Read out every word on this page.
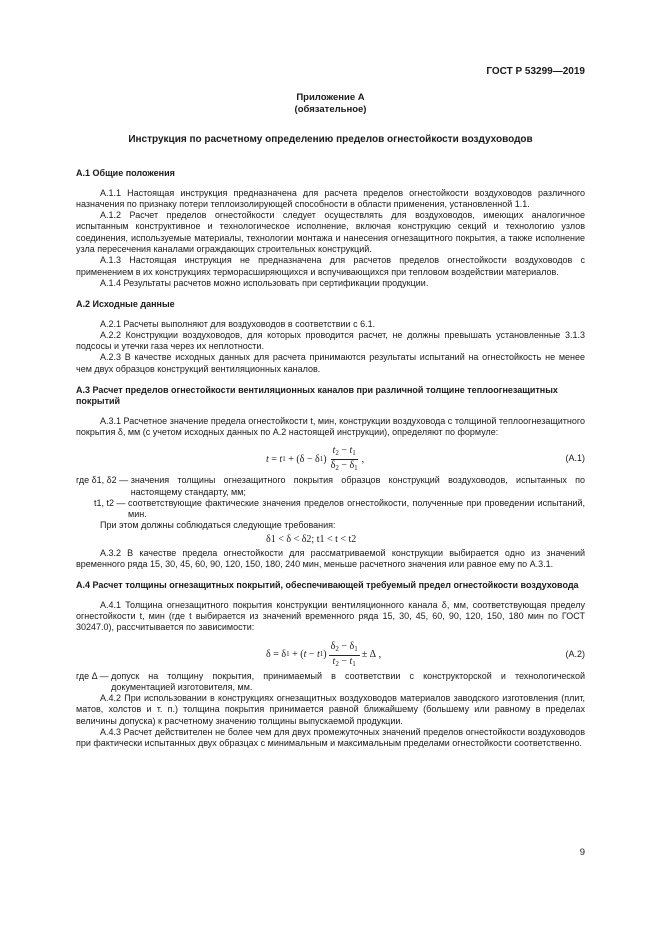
ГОСТ Р 53299—2019
Приложение А
(обязательное)
Инструкция по расчетному определению пределов огнестойкости воздуховодов
А.1 Общие положения

А.1.1 Настоящая инструкция предназначена для расчета пределов огнестойкости воздуховодов различного назначения по признаку потери теплоизолирующей способности в области применения, установленной 1.1.

А.1.2 Расчет пределов огнестойкости следует осуществлять для воздуховодов, имеющих аналогичное испытанным конструктивное и технологическое исполнение, включая конструкцию секций и технологию узлов соединения, используемые материалы, технологии монтажа и нанесения огнезащитного покрытия, а также исполнение узла пересечения каналами ограждающих строительных конструкций.

А.1.3 Настоящая инструкция не предназначена для расчетов пределов огнестойкости воздуховодов с применением в их конструкциях терморасширяющихся и вспучивающихся при тепловом воздействии материалов.

А.1.4 Результаты расчетов можно использовать при сертификации продукции.

А.2 Исходные данные

А.2.1 Расчеты выполняют для воздуховодов в соответствии с 6.1.

А.2.2 Конструкции воздуховодов, для которых проводится расчет, не должны превышать установленные 3.1.3 подсосы и утечки газа через их неплотности.

А.2.3 В качестве исходных данных для расчета принимаются результаты испытаний на огнестойкость не менее чем двух образцов конструкций вентиляционных каналов.

А.3 Расчет пределов огнестойкости вентиляционных каналов при различной толщине теплоогнезащитных покрытий

А.3.1 Расчетное значение предела огнестойкости t, мин, конструкции воздуховода с толщиной теплоогнезащитного покрытия δ, мм (с учетом исходных данных по А.2 настоящей инструкции), определяют по формуле:

t = t 1 + (δ − δ 1 ) $\frac{t_2 - t_1}{\delta_2 - \delta_1}$ ,	(А.1)
где δ1, δ2 —
значения толщины огнезащитного покрытия образцов конструкций воздуховодов, испытанных по настоящему стандарту, мм;
t1, t2 —
соответствующие фактические значения пределов огнестойкости, полученные при проведении испытаний, мин.

При этом должны соблюдаться следующие требования:

δ1 < δ < δ2; t1 < t < t2

А.3.2 В качестве предела огнестойкости для рассматриваемой конструкции выбирается одно из значений временного ряда 15, 30, 45, 60, 90, 120, 150, 180, 240 мин, меньше расчетного значения или равное ему по А.3.1.

А.4 Расчет толщины огнезащитных покрытий, обеспечивающей требуемый предел огнестойкости воздуховода

А.4.1 Толщина огнезащитного покрытия конструкции вентиляционного канала δ, мм, соответствующая пределу огнестойкости t, мин (где t выбирается из значений временного ряда 15, 30, 45, 60, 90, 120, 150, 180 мин по ГОСТ 30247.0), рассчитывается по зависимости:

δ = δ 1 + ( t − t 1 ) $\frac{\delta_2 - \delta_1}{t_2 - t_1} \pm \Delta$ ,	(А.2)
где Δ —
допуск на толщину покрытия, принимаемый в соответствии с конструкторской и технологической документацией изготовителя, мм.

А.4.2 При использовании в конструкциях огнезащитных воздуховодов материалов заводского изготовления (плит, матов, холстов и т. п.) толщина покрытия принимается равной ближайшему (большему или равному в пределах величины допуска) к расчетному значению толщины выпускаемой продукции.

А.4.3 Расчет действителен не более чем для двух промежуточных значений пределов огнестойкости воздуховодов при фактически испытанных двух образцах с минимальным и максимальным пределами огнестойкости соответственно.

9
